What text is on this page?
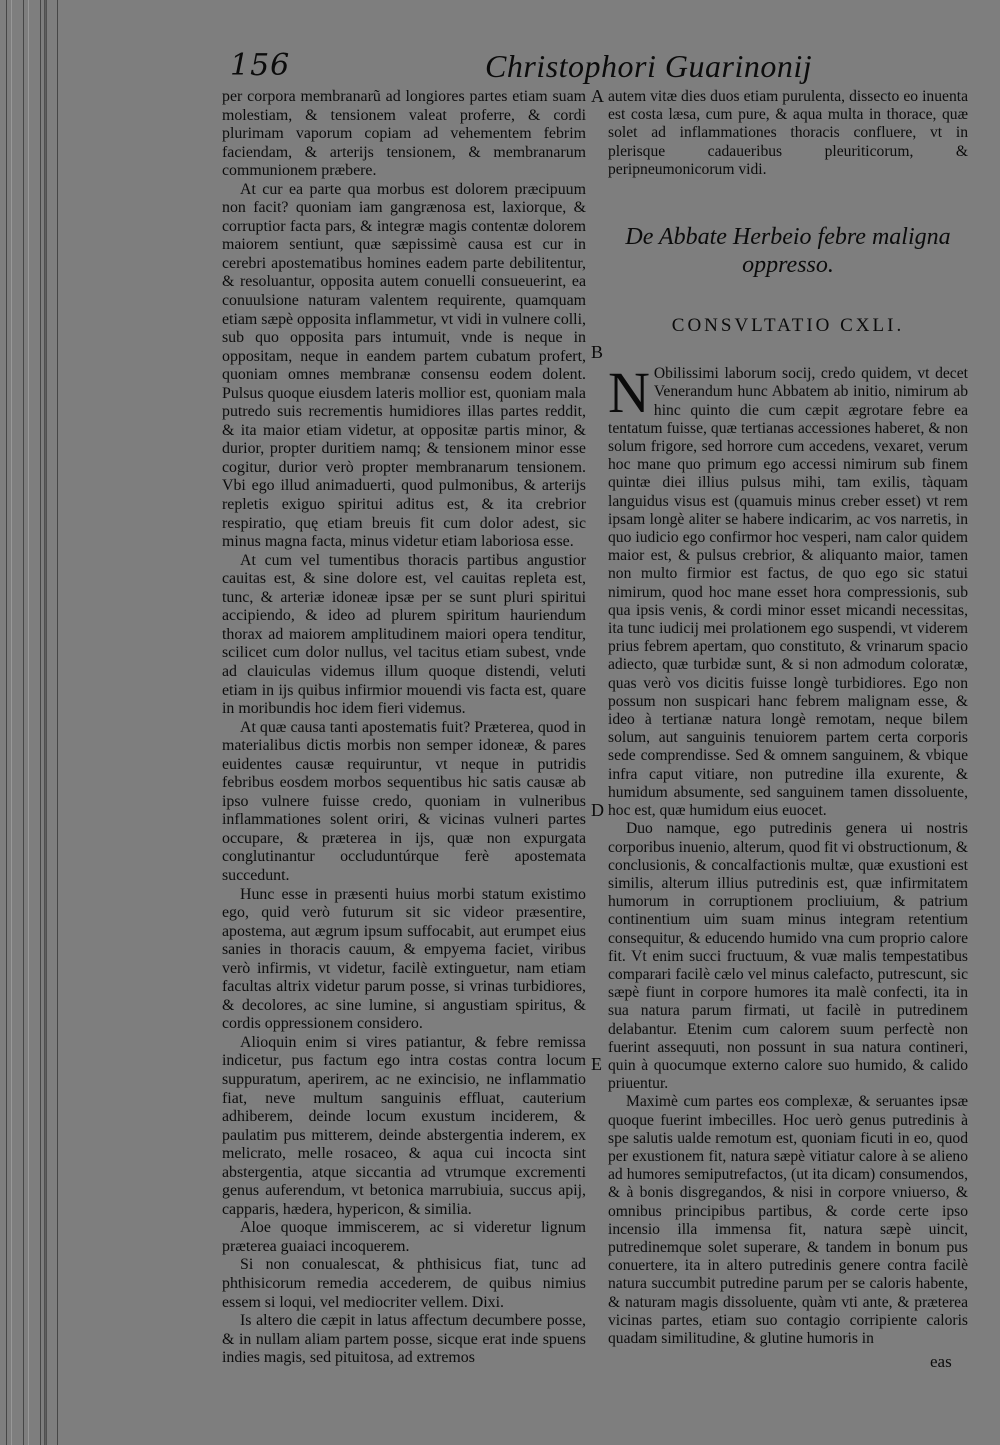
156	Christophori Guarinonij
A
B
D
E

per corpora membranarũ ad longiores partes etiam suam molestiam, & tensionem valeat proferre, & cordi plurimam vaporum copiam ad vehementem febrim faciendam, & arterijs tensionem, & membranarum communionem præbere.

At cur ea parte qua morbus est dolorem præcipuum non facit? quoniam iam gangrænosa est, laxiorque, & corruptior facta pars, & integræ magis contentæ dolorem maiorem sentiunt, quæ sæpissimè causa est cur in cerebri apostematibus homines eadem parte debilitentur, & resoluantur, opposita autem conuelli consueuerint, ea conuulsione naturam valentem requirente, quamquam etiam sæpè opposita inflammetur, vt vidi in vulnere colli, sub quo opposita pars intumuit, vnde is neque in oppositam, neque in eandem partem cubatum profert, quoniam omnes membranæ consensu eodem dolent. Pulsus quoque eiusdem lateris mollior est, quoniam mala putredo suis recrementis humidiores illas partes reddit, & ita maior etiam videtur, at oppositæ partis minor, & durior, propter duritiem namq; & tensionem minor esse cogitur, durior verò propter membranarum tensionem. Vbi ego illud animaduerti, quod pulmonibus, & arterijs repletis exiguo spiritui aditus est, & ita crebrior respiratio, quę etiam breuis fit cum dolor adest, sic minus magna facta, minus videtur etiam laboriosa esse.

At cum vel tumentibus thoracis partibus angustior cauitas est, & sine dolore est, vel cauitas repleta est, tunc, & arteriæ idoneæ ipsæ per se sunt pluri spiritui accipiendo, & ideo ad plurem spiritum hauriendum thorax ad maiorem amplitudinem maiori opera tenditur, scilicet cum dolor nullus, vel tacitus etiam subest, vnde ad clauiculas videmus illum quoque distendi, veluti etiam in ijs quibus infirmior mouendi vis facta est, quare in moribundis hoc idem fieri videmus.

At quæ causa tanti apostematis fuit? Præterea, quod in materialibus dictis morbis non semper idoneæ, & pares euidentes causæ requiruntur, vt neque in putridis febribus eosdem morbos sequentibus hic satis causæ ab ipso vulnere fuisse credo, quoniam in vulneribus inflammationes solent oriri, & vicinas vulneri partes occupare, & præterea in ijs, quæ non expurgata conglutinantur occluduntúrque ferè apostemata succedunt.

Hunc esse in præsenti huius morbi statum existimo ego, quid verò futurum sit sic videor præsentire, apostema, aut ægrum ipsum suffocabit, aut erumpet eius sanies in thoracis cauum, & empyema faciet, viribus verò infirmis, vt videtur, facilè extinguetur, nam etiam facultas altrix videtur parum posse, si vrinas turbidiores, & decolores, ac sine lumine, si angustiam spiritus, & cordis oppressionem considero.

Alioquin enim si vires patiantur, & febre remissa indicetur, pus factum ego intra costas contra locum suppuratum, aperirem, ac ne exincisio, ne inflammatio fiat, neve multum sanguinis effluat, cauterium adhiberem, deinde locum exustum inciderem, & paulatim pus mitterem, deinde abstergentia inderem, ex melicrato, melle rosaceo, & aqua cui incocta sint abstergentia, atque siccantia ad vtrumque excrementi genus auferendum, vt betonica marrubiuia, succus apij, capparis, hædera, hypericon, & similia.

Aloe quoque immiscerem, ac si videretur lignum præterea guaiaci incoquerem.

Si non conualescat, & phthisicus fiat, tunc ad phthisicorum remedia accederem, de quibus nimius essem si loqui, vel mediocriter vellem. Dixi.

Is altero die cæpit in latus affectum decumbere posse, & in nullam aliam partem posse, sicque erat inde spuens indies magis, sed pituitosa, ad extremos

autem vitæ dies duos etiam purulenta, dissecto eo inuenta est costa læsa, cum pure, & aqua multa in thorace, quæ solet ad inflammationes thoracis confluere, vt in plerisque cadaueribus pleuriticorum, & peripneumonicorum vidi.

De Abbate Herbeio febre maligna
oppresso.
CONSVLTATIO CXLI.

N Obilissimi laborum socij, credo quidem, vt decet Venerandum hunc Abbatem ab initio, nimirum ab hinc quinto die cum cæpit ægrotare febre ea tentatum fuisse, quæ tertianas accessiones haberet, & non solum frigore, sed horrore cum accedens, vexaret, verum hoc mane quo primum ego accessi nimirum sub finem quintæ diei illius pulsus mihi, tam exilis, tàquam languidus visus est (quamuis minus creber esset) vt rem ipsam longè aliter se habere indicarim, ac vos narretis, in quo iudicio ego confirmor hoc vesperi, nam calor quidem maior est, & pulsus crebrior, & aliquanto maior, tamen non multo firmior est factus, de quo ego sic statui nimirum, quod hoc mane esset hora compressionis, sub qua ipsis venis, & cordi minor esset micandi necessitas, ita tunc iudicij mei prolationem ego suspendi, vt viderem prius febrem apertam, quo constituto, & vrinarum spacio adiecto, quæ turbidæ sunt, & si non admodum coloratæ, quas verò vos dicitis fuisse longè turbidiores. Ego non possum non suspicari hanc febrem malignam esse, & ideo à tertianæ natura longè remotam, neque bilem solum, aut sanguinis tenuiorem partem certa corporis sede comprendisse. Sed & omnem sanguinem, & vbique infra caput vitiare, non putredine illa exurente, & humidum absumente, sed sanguinem tamen dissoluente, hoc est, quæ humidum eius euocet.

Duo namque, ego putredinis genera ui nostris corporibus inuenio, alterum, quod fit vi obstructionum, & conclusionis, & concalfactionis multæ, quæ exustioni est similis, alterum illius putredinis est, quæ infirmitatem humorum in corruptionem procliuium, & patrium continentium uim suam minus integram retentium consequitur, & educendo humido vna cum proprio calore fit. Vt enim succi fructuum, & vuæ malis tempestatibus comparari facilè cælo vel minus calefacto, putrescunt, sic sæpè fiunt in corpore humores ita malè confecti, ita in sua natura parum firmati, ut facilè in putredinem delabantur. Etenim cum calorem suum perfectè non fuerint assequuti, non possunt in sua natura contineri, quin à quocumque externo calore suo humido, & calido priuentur.

Maximè cum partes eos complexæ, & seruantes ipsæ quoque fuerint imbecilles. Hoc uerò genus putredinis à spe salutis ualde remotum est, quoniam ficuti in eo, quod per exustionem fit, natura sæpè vitiatur calore à se alieno ad humores semiputrefactos, (ut ita dicam) consumendos, & à bonis disgregandos, & nisi in corpore vniuerso, & omnibus principibus partibus, & corde certe ipso incensio illa immensa fit, natura sæpè uincit, putredinemque solet superare, & tandem in bonum pus conuertere, ita in altero putredinis genere contra facilè natura succumbit putredine parum per se caloris habente, & naturam magis dissoluente, quàm vti ante, & præterea vicinas partes, etiam suo contagio corripiente caloris quadam similitudine, & glutine humoris in

eas
